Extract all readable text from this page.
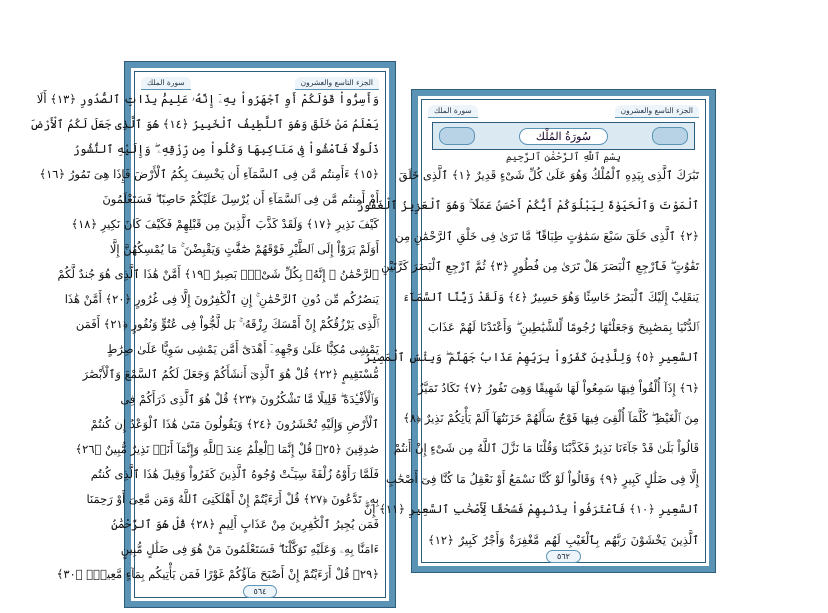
سورة الملك	الجزء التاسع والعشرون
وَأَسِرُّواْ قَوْلَكُمْ أَوِ ٱجْهَرُواْ بِهِۦٓ إِنَّهُۥ عَلِيمُۢ بِذَاتِ ٱلصُّدُورِ ﴿١٣﴾ أَلَا
يَعْلَمُ مَنْ خَلَقَ وَهُوَ ٱللَّطِيفُ ٱلْخَبِيرُ ﴿١٤﴾ هُوَ ٱلَّذِى جَعَلَ لَكُمُ ٱلْأَرْضَ
ذَلُولًا فَٱمْشُواْ فِى مَنَاكِبِهَا وَكُلُواْ مِن رِّزْقِهِۦ ۖ وَإِلَيْهِ ٱلنُّشُورُ
﴿١٥﴾ ءَأَمِنتُم مَّن فِى ٱلسَّمَآءِ أَن يَخْسِفَ بِكُمُ ٱلْأَرْضَ فَإِذَا هِىَ تَمُورُ ﴿١٦﴾
أَمْ أَمِنتُم مَّن فِى ٱلسَّمَآءِ أَن يُرْسِلَ عَلَيْكُمْ حَاصِبًا ۖ فَسَتَعْلَمُونَ
كَيْفَ نَذِيرِ ﴿١٧﴾ وَلَقَدْ كَذَّبَ ٱلَّذِينَ مِن قَبْلِهِمْ فَكَيْفَ كَانَ نَكِيرِ ﴿١٨﴾
أَوَلَمْ يَرَوْاْ إِلَى ٱلطَّيْرِ فَوْقَهُمْ صَٰٓفَّٰتٍ وَيَقْبِضْنَ ۚ مَا يُمْسِكُهُنَّ إِلَّا
ٱلرَّحْمَٰنُ ۚ إِنَّهُۥ بِكُلِّ شَىْءٍۭ بَصِيرٌ ﴿١٩﴾ أَمَّنْ هَٰذَا ٱلَّذِى هُوَ جُندٌ لَّكُمْ
يَنصُرُكُم مِّن دُونِ ٱلرَّحْمَٰنِ ۚ إِنِ ٱلْكَٰفِرُونَ إِلَّا فِى غُرُورٍ ﴿٢٠﴾ أَمَّنْ هَٰذَا
ٱلَّذِى يَرْزُقُكُمْ إِنْ أَمْسَكَ رِزْقَهُۥ ۚ بَل لَّجُّواْ فِى عُتُوٍّ وَنُفُورٍ ﴿٢١﴾ أَفَمَن
يَمْشِى مُكِبًّا عَلَىٰ وَجْهِهِۦٓ أَهْدَىٰٓ أَمَّن يَمْشِى سَوِيًّا عَلَىٰ صِرَٰطٍ
مُّسْتَقِيمٍ ﴿٢٢﴾ قُلْ هُوَ ٱلَّذِىٓ أَنشَأَكُمْ وَجَعَلَ لَكُمُ ٱلسَّمْعَ وَٱلْأَبْصَٰرَ
وَٱلْأَفْـِٔدَةَ ۖ قَلِيلًا مَّا تَشْكُرُونَ ﴿٢٣﴾ قُلْ هُوَ ٱلَّذِى ذَرَأَكُمْ فِى
ٱلْأَرْضِ وَإِلَيْهِ تُحْشَرُونَ ﴿٢٤﴾ وَيَقُولُونَ مَتَىٰ هَٰذَا ٱلْوَعْدُ إِن كُنتُمْ
صَٰدِقِينَ ﴿٢٥﴾ قُلْ إِنَّمَا ٱلْعِلْمُ عِندَ ٱللَّهِ وَإِنَّمَآ أَنَا۠ نَذِيرٌ مُّبِينٌ ﴿٢٦﴾
فَلَمَّا رَأَوْهُ زُلْفَةً سِيٓـَٔتْ وُجُوهُ ٱلَّذِينَ كَفَرُواْ وَقِيلَ هَٰذَا ٱلَّذِى كُنتُم
بِهِۦ تَدَّعُونَ ﴿٢٧﴾ قُلْ أَرَءَيْتُمْ إِنْ أَهْلَكَنِىَ ٱللَّهُ وَمَن مَّعِىَ أَوْ رَحِمَنَا
فَمَن يُجِيرُ ٱلْكَٰفِرِينَ مِنْ عَذَابٍ أَلِيمٍ ﴿٢٨﴾ قُلْ هُوَ ٱلرَّحْمَٰنُ
ءَامَنَّا بِهِۦ وَعَلَيْهِ تَوَكَّلْنَا ۖ فَسَتَعْلَمُونَ مَنْ هُوَ فِى ضَلَٰلٍ مُّبِينٍ
﴿٢٩﴾ قُلْ أَرَءَيْتُمْ إِنْ أَصْبَحَ مَآؤُكُمْ غَوْرًا فَمَن يَأْتِيكُم بِمَآءٍ مَّعِينٍۭ ﴿٣٠﴾
٥٦٤
سورة الملك	الجزء التاسع والعشرون
سُورَةُ المُلْك
بِسْمِ ٱللَّهِ ٱلرَّحْمَٰنِ ٱلرَّحِيمِ
تَبَٰرَكَ ٱلَّذِى بِيَدِهِ ٱلْمُلْكُ وَهُوَ عَلَىٰ كُلِّ شَىْءٍ قَدِيرٌ ﴿١﴾ ٱلَّذِى خَلَقَ
ٱلْمَوْتَ وَٱلْحَيَوٰةَ لِيَبْلُوَكُمْ أَيُّكُمْ أَحْسَنُ عَمَلًا ۚ وَهُوَ ٱلْعَزِيزُ ٱلْغَفُورُ
﴿٢﴾ ٱلَّذِى خَلَقَ سَبْعَ سَمَٰوَٰتٍ طِبَاقًا ۖ مَّا تَرَىٰ فِى خَلْقِ ٱلرَّحْمَٰنِ مِن
تَفَٰوُتٍ ۖ فَٱرْجِعِ ٱلْبَصَرَ هَلْ تَرَىٰ مِن فُطُورٍ ﴿٣﴾ ثُمَّ ٱرْجِعِ ٱلْبَصَرَ كَرَّتَيْنِ
يَنقَلِبْ إِلَيْكَ ٱلْبَصَرُ خَاسِئًا وَهُوَ حَسِيرٌ ﴿٤﴾ وَلَقَدْ زَيَّنَّا ٱلسَّمَآءَ
ٱلدُّنْيَا بِمَصَٰبِيحَ وَجَعَلْنَٰهَا رُجُومًا لِّلشَّيَٰطِينِ ۖ وَأَعْتَدْنَا لَهُمْ عَذَابَ
ٱلسَّعِيرِ ﴿٥﴾ وَلِلَّذِينَ كَفَرُواْ بِرَبِّهِمْ عَذَابُ جَهَنَّمَ ۖ وَبِئْسَ ٱلْمَصِيرُ
﴿٦﴾ إِذَآ أُلْقُواْ فِيهَا سَمِعُواْ لَهَا شَهِيقًا وَهِىَ تَفُورُ ﴿٧﴾ تَكَادُ تَمَيَّزُ
مِنَ ٱلْغَيْظِ ۖ كُلَّمَآ أُلْقِىَ فِيهَا فَوْجٌ سَأَلَهُمْ خَزَنَتُهَآ أَلَمْ يَأْتِكُمْ نَذِيرٌ ﴿٨﴾
قَالُواْ بَلَىٰ قَدْ جَآءَنَا نَذِيرٌ فَكَذَّبْنَا وَقُلْنَا مَا نَزَّلَ ٱللَّهُ مِن شَىْءٍ إِنْ أَنتُمْ
إِلَّا فِى ضَلَٰلٍ كَبِيرٍ ﴿٩﴾ وَقَالُواْ لَوْ كُنَّا نَسْمَعُ أَوْ نَعْقِلُ مَا كُنَّا فِىٓ أَصْحَٰبِ
ٱلسَّعِيرِ ﴿١٠﴾ فَٱعْتَرَفُواْ بِذَنۢبِهِمْ فَسُحْقًا لِّأَصْحَٰبِ ٱلسَّعِيرِ ﴿١١﴾ إِنَّ
ٱلَّذِينَ يَخْشَوْنَ رَبَّهُم بِٱلْغَيْبِ لَهُم مَّغْفِرَةٌ وَأَجْرٌ كَبِيرٌ ﴿١٢﴾
٥٦٢
